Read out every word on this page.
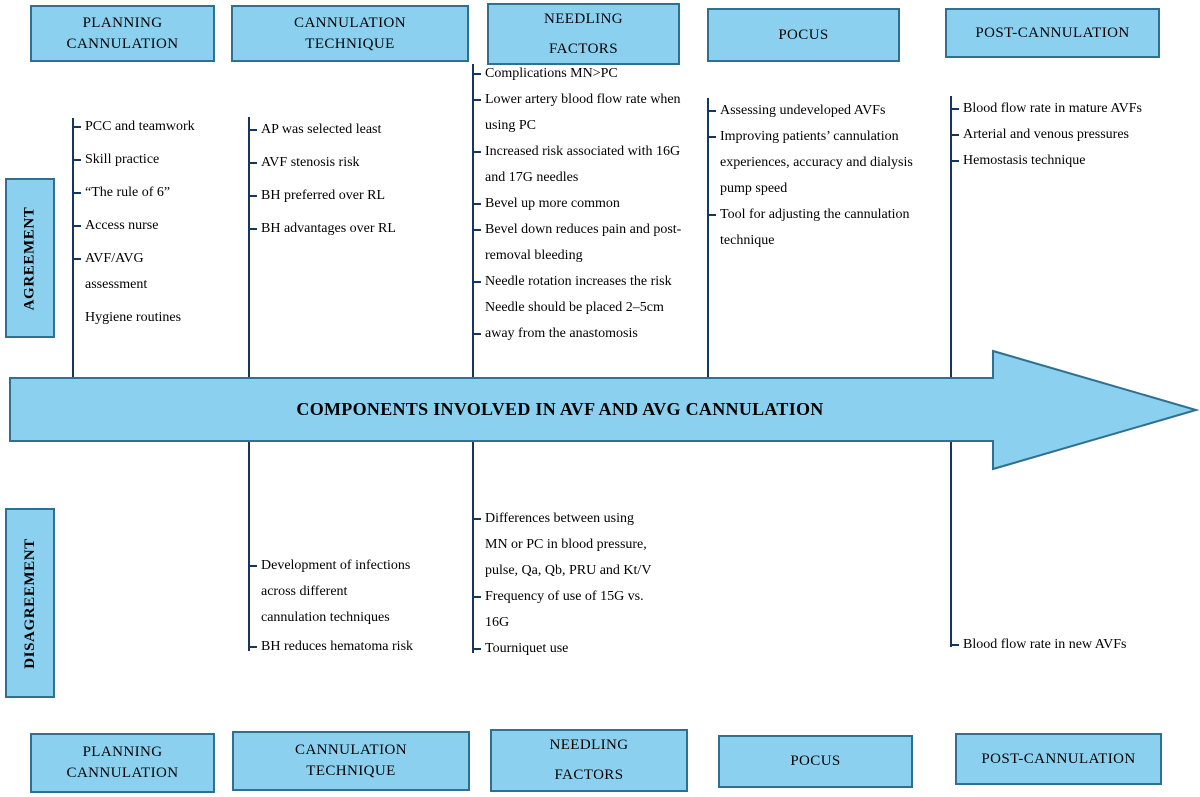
PLANNING
CANNULATION
CANNULATION
TECHNIQUE
NEEDLING
FACTORS
POCUS	POST-CANNULATION
AGREEMENT
DISAGREEMENT
PCC and teamwork
Skill practice
“The rule of 6”
Access nurse
AVF/AVG
assessment
Hygiene routines
AP was selected least
AVF stenosis risk
BH preferred over RL
BH advantages over RL
Complications MN>PC
Lower artery blood flow rate when
using PC
Increased risk associated with 16G
and 17G needles
Bevel up more common
Bevel down reduces pain and post-
removal bleeding
Needle rotation increases the risk
Needle should be placed 2–5cm
away from the anastomosis
Assessing undeveloped AVFs
Improving patients’ cannulation
experiences, accuracy and dialysis
pump speed
Tool for adjusting the cannulation
technique
Blood flow rate in mature AVFs
Arterial and venous pressures
Hemostasis technique
Development of infections
across different
cannulation techniques
BH reduces hematoma risk
Differences between using
MN or PC in blood pressure,
pulse, Qa, Qb, PRU and Kt/V
Frequency of use of 15G vs.
16G
Tourniquet use	Blood flow rate in new AVFs
COMPONENTS INVOLVED IN AVF AND AVG CANNULATION
PLANNING
CANNULATION
CANNULATION
TECHNIQUE
NEEDLING
FACTORS
POCUS	POST-CANNULATION
